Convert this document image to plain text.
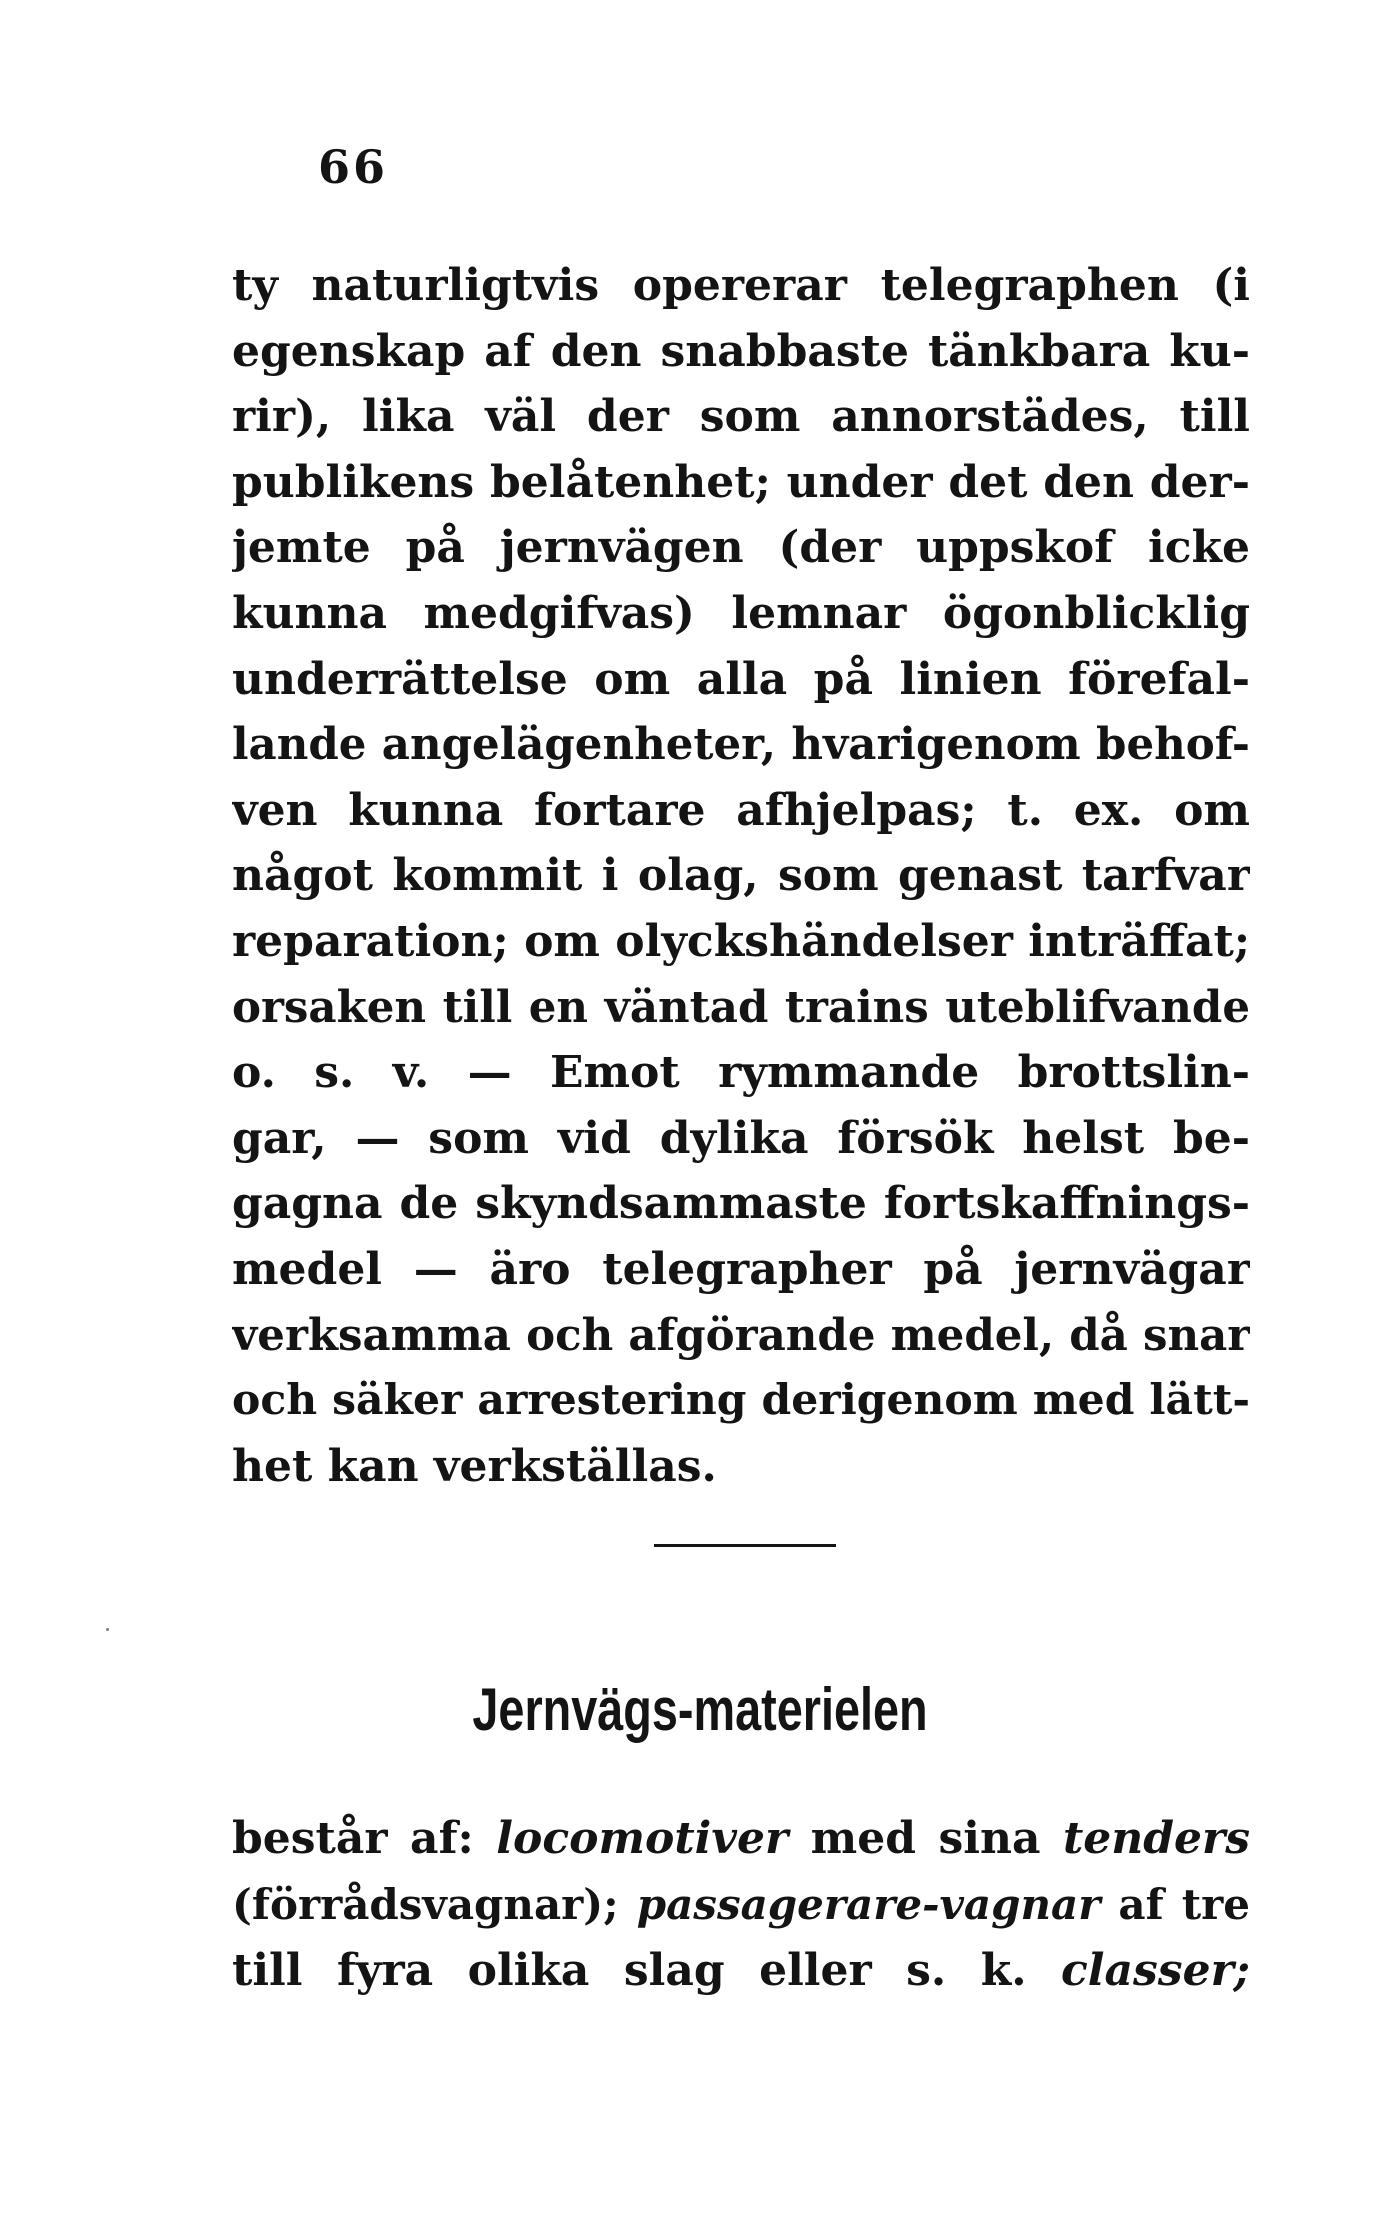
66
ty naturligtvis opererar telegraphen (i
egenskap af den snabbaste tänkbara ku-
rir), lika väl der som annorstädes, till
publikens belåtenhet; under det den der-
jemte på jernvägen (der uppskof icke
kunna medgifvas) lemnar ögonblicklig
underrättelse om alla på linien förefal-
lande angelägenheter, hvarigenom behof-
ven kunna fortare afhjelpas; t. ex. om
något kommit i olag, som genast tarfvar
reparation; om olyckshändelser inträffat;
orsaken till en väntad trains uteblifvande
o. s. v. — Emot rymmande brottslin-
gar, — som vid dylika försök helst be-
gagna de skyndsammaste fortskaffnings-
medel — äro telegrapher på jernvägar
verksamma och afgörande medel, då snar
och säker arrestering derigenom med lätt-
het kan verkställas.
Jernvägs-materielen
består af: locomotiver med sina tenders
(förrådsvagnar); passagerare-vagnar af tre
till fyra olika slag eller s. k. classer;
